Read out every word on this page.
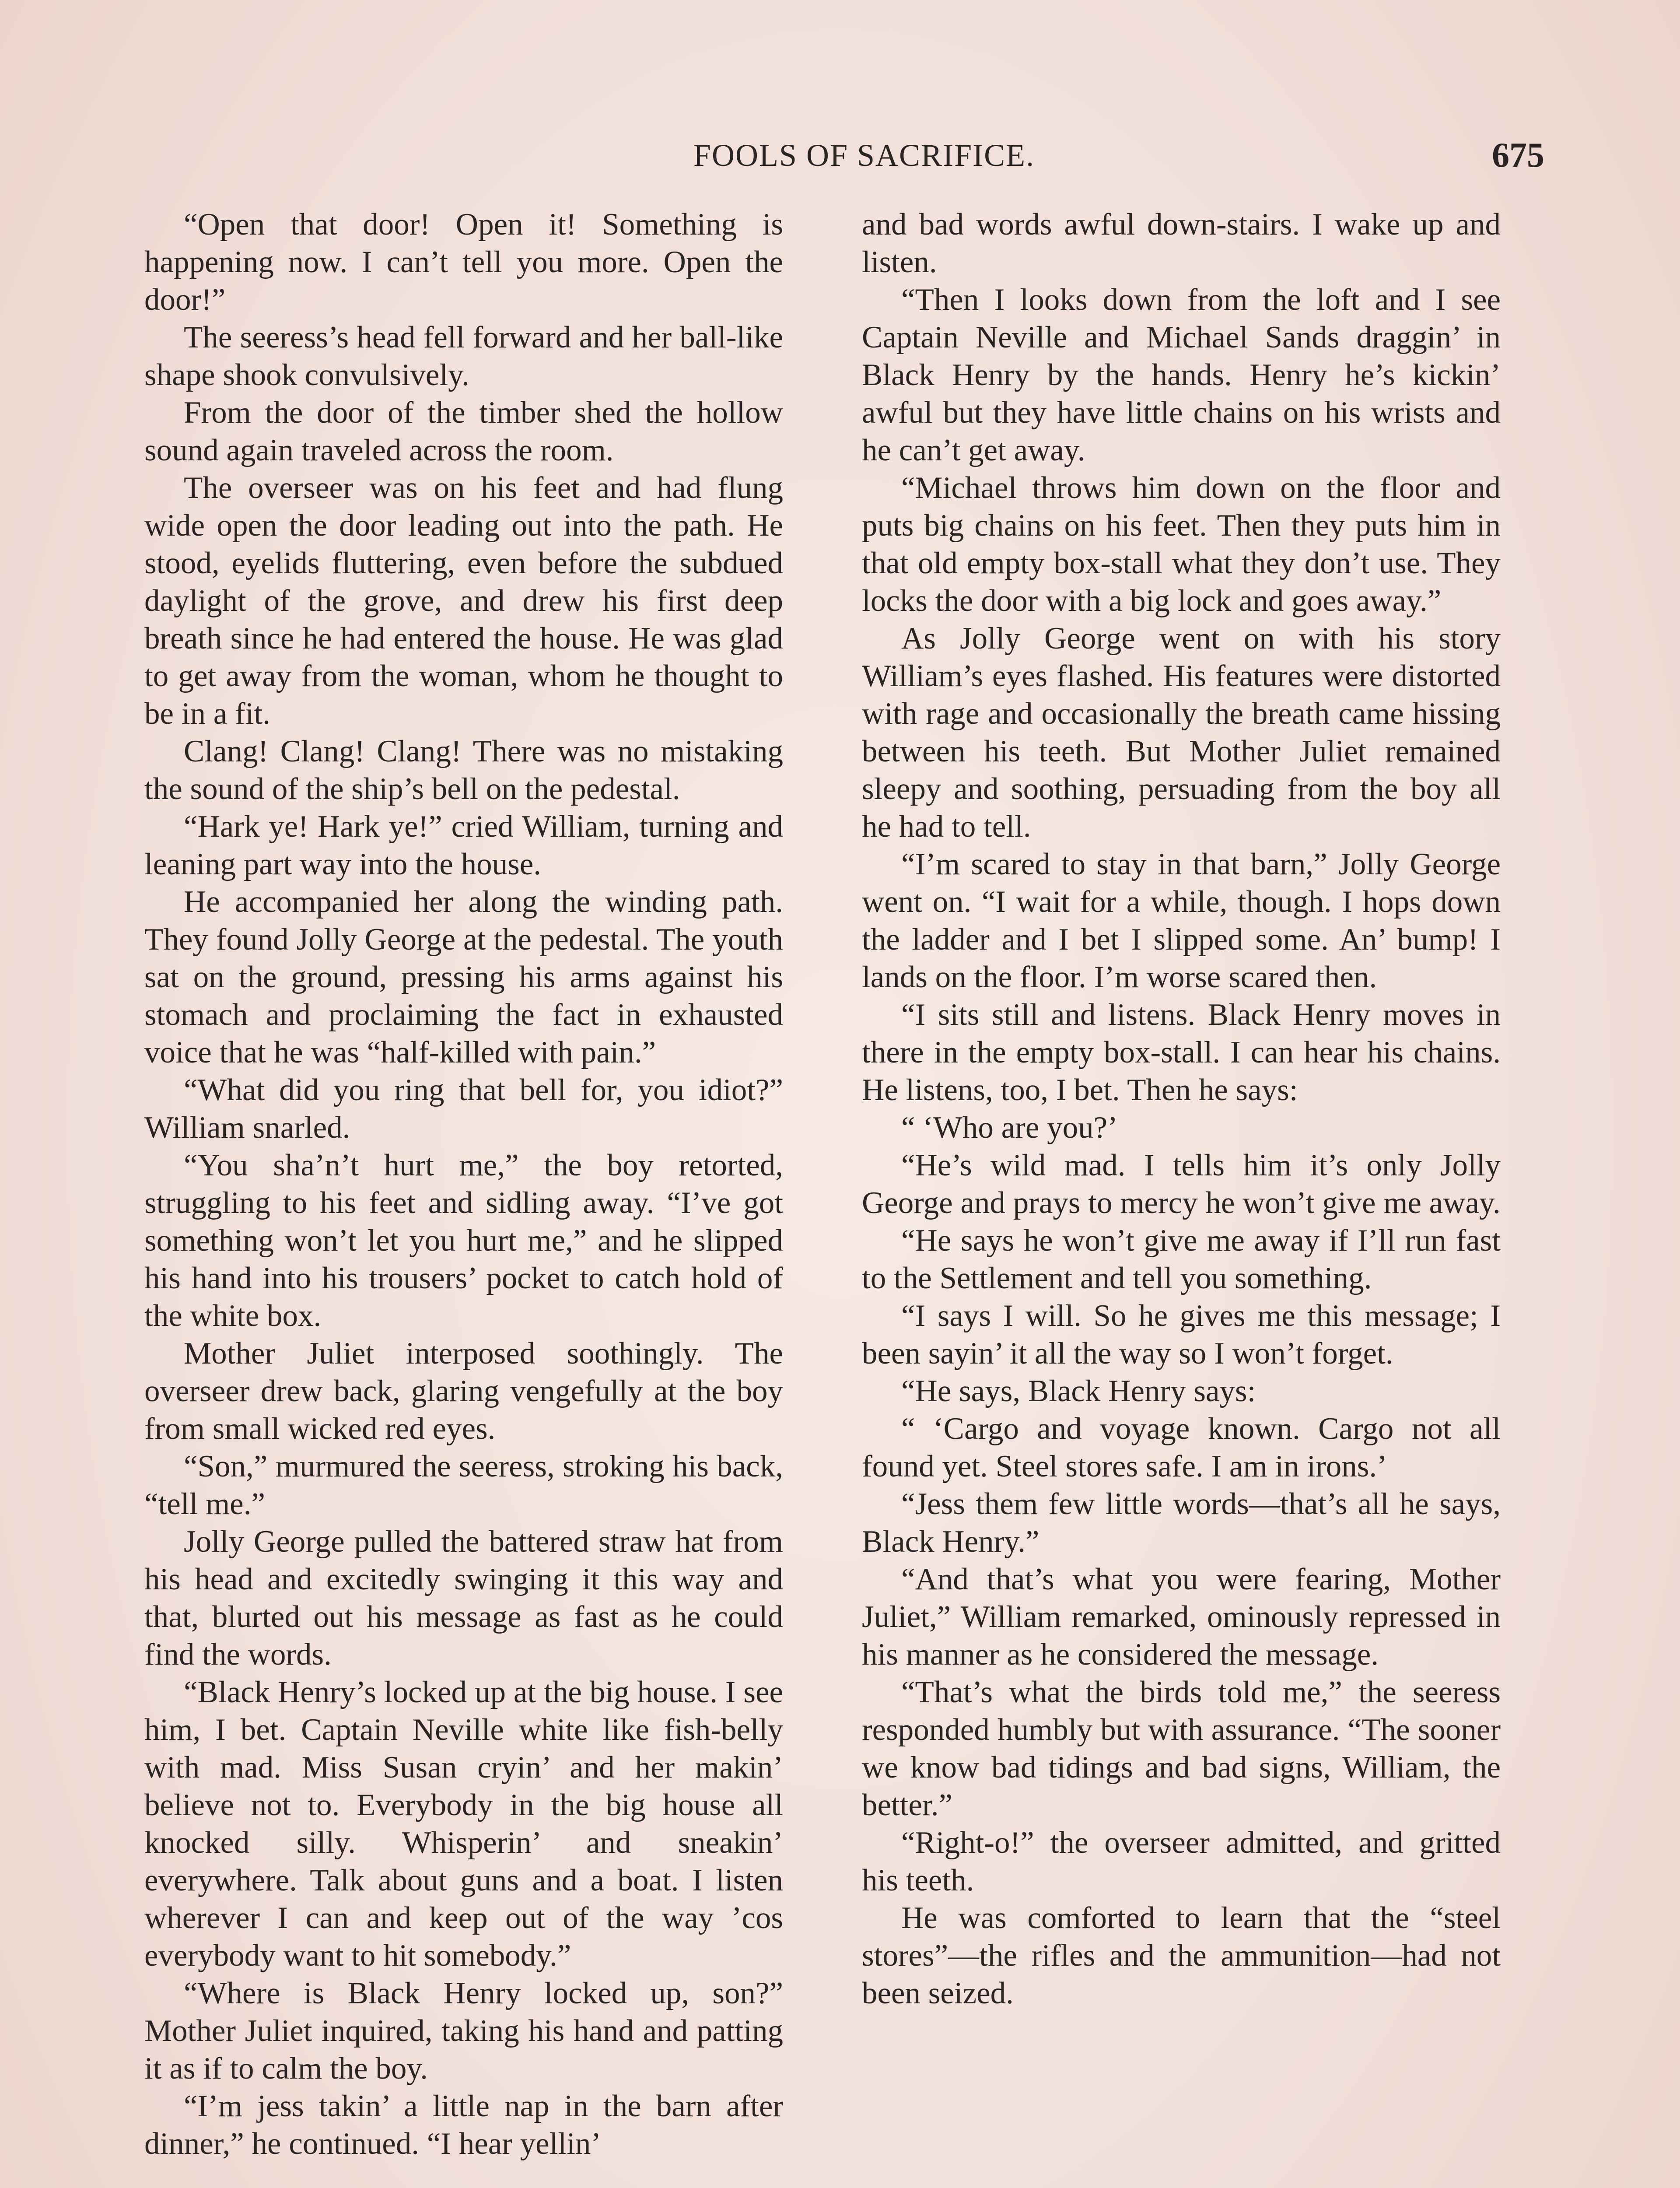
FOOLS OF SACRIFICE.	675

“Open that door! Open it! Something is happening now. I can’t tell you more. Open the door!”

The seeress’s head fell forward and her ball-like shape shook convulsively.

From the door of the timber shed the hollow sound again traveled across the room.

The overseer was on his feet and had flung wide open the door leading out into the path. He stood, eyelids fluttering, even before the subdued daylight of the grove, and drew his first deep breath since he had entered the house. He was glad to get away from the woman, whom he thought to be in a fit.

Clang! Clang! Clang! There was no mistaking the sound of the ship’s bell on the pedestal.

“Hark ye! Hark ye!” cried William, turning and leaning part way into the house.

He accompanied her along the winding path. They found Jolly George at the pedestal. The youth sat on the ground, pressing his arms against his stomach and proclaiming the fact in exhausted voice that he was “half-killed with pain.”

“What did you ring that bell for, you idiot?” William snarled.

“You sha’n’t hurt me,” the boy retorted, struggling to his feet and sidling away. “I’ve got something won’t let you hurt me,” and he slipped his hand into his trousers’ pocket to catch hold of the white box.

Mother Juliet interposed soothingly. The overseer drew back, glaring vengefully at the boy from small wicked red eyes.

“Son,” murmured the seeress, stroking his back, “tell me.”

Jolly George pulled the battered straw hat from his head and excitedly swinging it this way and that, blurted out his message as fast as he could find the words.

“Black Henry’s locked up at the big house. I see him, I bet. Captain Neville white like fish-belly with mad. Miss Susan cryin’ and her makin’ believe not to. Everybody in the big house all knocked silly. Whisperin’ and sneakin’ everywhere. Talk about guns and a boat. I listen wherever I can and keep out of the way ’cos everybody want to hit somebody.”

“Where is Black Henry locked up, son?” Mother Juliet inquired, taking his hand and patting it as if to calm the boy.

“I’m jess takin’ a little nap in the barn after dinner,” he continued. “I hear yellin’

and bad words awful down-stairs. I wake up and listen.

“Then I looks down from the loft and I see Captain Neville and Michael Sands draggin’ in Black Henry by the hands. Henry he’s kickin’ awful but they have little chains on his wrists and he can’t get away.

“Michael throws him down on the floor and puts big chains on his feet. Then they puts him in that old empty box-stall what they don’t use. They locks the door with a big lock and goes away.”

As Jolly George went on with his story William’s eyes flashed. His features were distorted with rage and occasionally the breath came hissing between his teeth. But Mother Juliet remained sleepy and soothing, persuading from the boy all he had to tell.

“I’m scared to stay in that barn,” Jolly George went on. “I wait for a while, though. I hops down the ladder and I bet I slipped some. An’ bump! I lands on the floor. I’m worse scared then.

“I sits still and listens. Black Henry moves in there in the empty box-stall. I can hear his chains. He listens, too, I bet. Then he says:

“ ‘Who are you?’

“He’s wild mad. I tells him it’s only Jolly George and prays to mercy he won’t give me away.

“He says he won’t give me away if I’ll run fast to the Settlement and tell you something.

“I says I will. So he gives me this message; I been sayin’ it all the way so I won’t forget.

“He says, Black Henry says:

“ ‘Cargo and voyage known. Cargo not all found yet. Steel stores safe. I am in irons.’

“Jess them few little words—that’s all he says, Black Henry.”

“And that’s what you were fearing, Mother Juliet,” William remarked, ominously repressed in his manner as he considered the message.

“That’s what the birds told me,” the seeress responded humbly but with assurance. “The sooner we know bad tidings and bad signs, William, the better.”

“Right-o!” the overseer admitted, and gritted his teeth.

He was comforted to learn that the “steel stores”—the rifles and the ammunition—had not been seized.
